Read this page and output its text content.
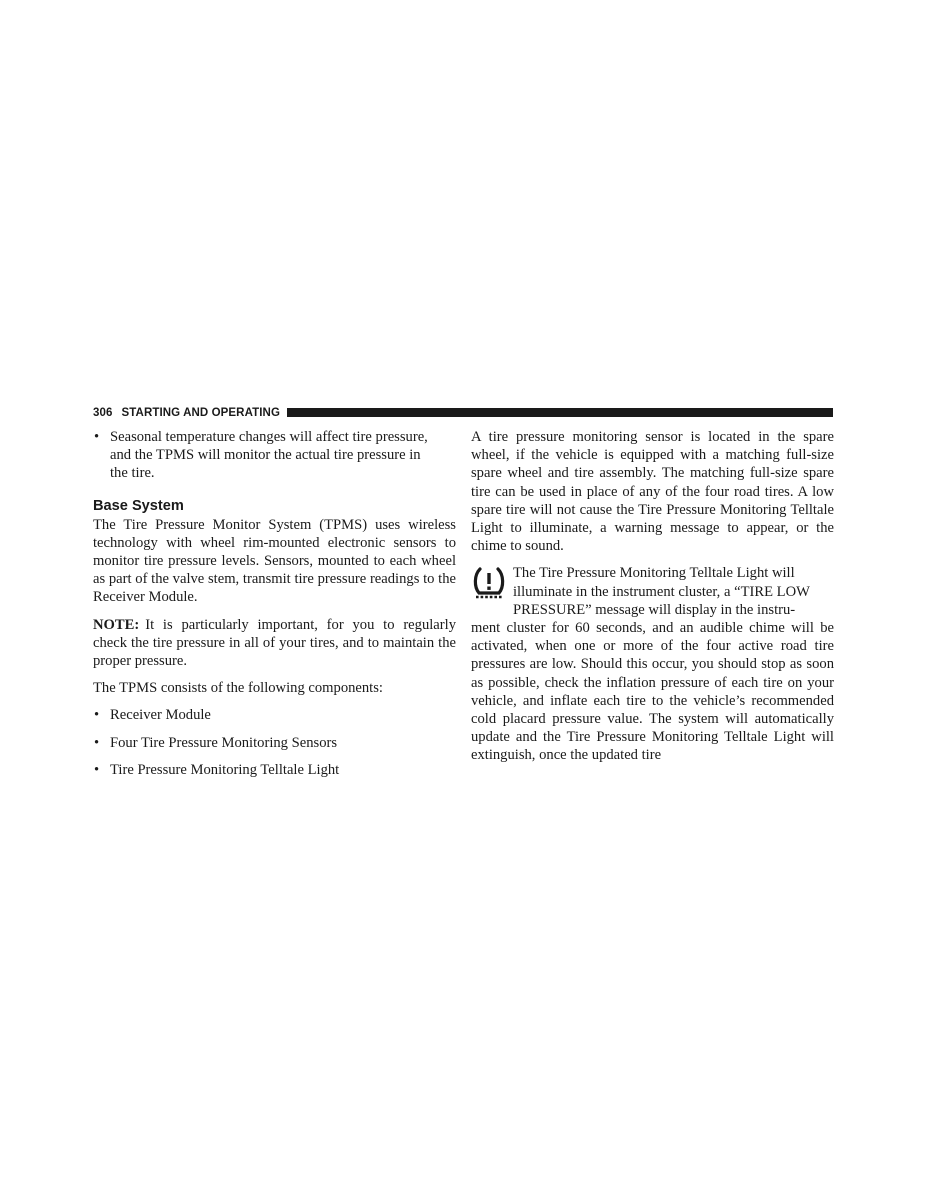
306 STARTING AND OPERATING
• Seasonal temperature changes will affect tire pressure,
and the TPMS will monitor the actual tire pressure in
the tire.
Base System

The Tire Pressure Monitor System (TPMS) uses wireless technology with wheel rim-mounted electronic sensors to monitor tire pressure levels. Sensors, mounted to each wheel as part of the valve stem, transmit tire pressure readings to the Receiver Module.

NOTE: It is particularly important, for you to regularly check the tire pressure in all of your tires, and to maintain the proper pressure.

The TPMS consists of the following components:

• Receiver Module
• Four Tire Pressure Monitoring Sensors
• Tire Pressure Monitoring Telltale Light

A tire pressure monitoring sensor is located in the spare wheel, if the vehicle is equipped with a matching full-size spare wheel and tire assembly. The matching full-size spare tire can be used in place of any of the four road tires. A low spare tire will not cause the Tire Pressure Monitoring Telltale Light to illuminate, a warning message to appear, or the chime to sound.

The Tire Pressure Monitoring Telltale Light will
illuminate in the instrument cluster, a “TIRE LOW

PRESSURE” message will display in the instru-
ment cluster for 60 seconds, and an audible chime will be activated, when one or more of the four active road tire pressures are low. Should this occur, you should stop as soon as possible, check the inflation pressure of each tire on your vehicle, and inflate each tire to the vehicle’s recommended cold placard pressure value. The system will automatically update and the Tire Pressure Monitoring Telltale Light will extinguish, once the updated tire
